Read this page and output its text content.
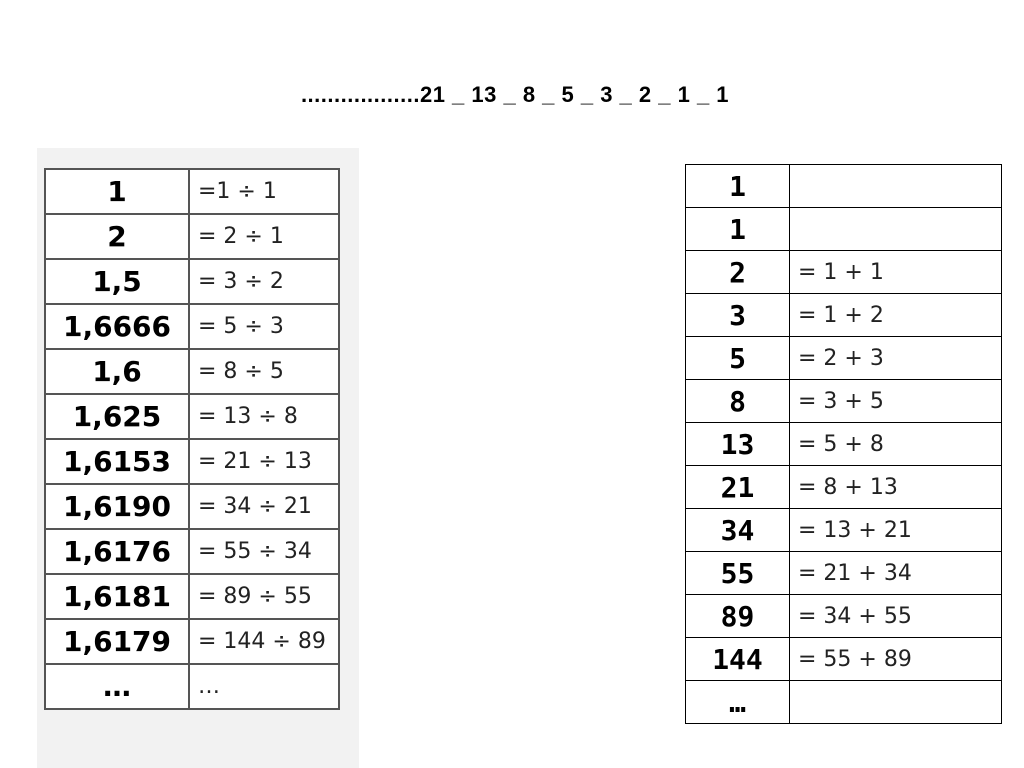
..................21 _ 13 _ 8 _ 5 _ 3 _ 2 _ 1 _ 1
1	=1 ÷ 1
2	= 2 ÷ 1
1,5	= 3 ÷ 2
1,6666	= 5 ÷ 3
1,6	= 8 ÷ 5
1,625	= 13 ÷ 8
1,6153	= 21 ÷ 13
1,6190	= 34 ÷ 21
1,6176	= 55 ÷ 34
1,6181	= 89 ÷ 55
1,6179	= 144 ÷ 89
…	…
1	
1	
2	= 1 + 1
3	= 1 + 2
5	= 2 + 3
8	= 3 + 5
13	= 5 + 8
21	= 8 + 13
34	= 13 + 21
55	= 21 + 34
89	= 34 + 55
144	= 55 + 89
…	
